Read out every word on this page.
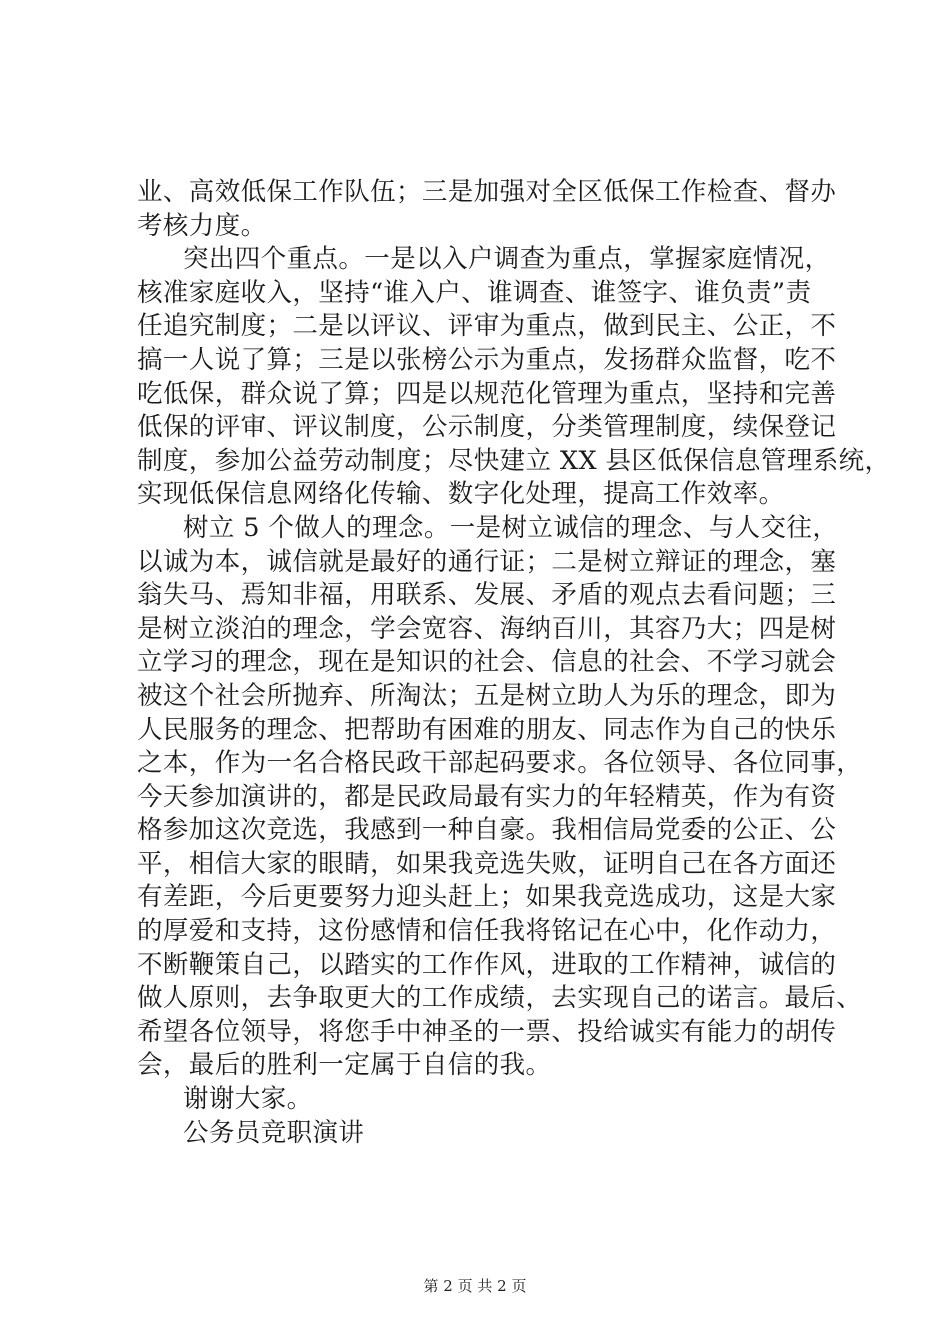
业、高效低保工作队伍；三是加强对全区低保工作检查、督办
考核力度。
突出四个重点。一是以入户调查为重点，掌握家庭情况，
核准家庭收入，坚持“谁入户、谁调查、谁签字、谁负责”责
任追究制度；二是以评议、评审为重点，做到民主、公正，不
搞一人说了算；三是以张榜公示为重点，发扬群众监督，吃不
吃低保，群众说了算；四是以规范化管理为重点，坚持和完善
低保的评审、评议制度，公示制度，分类管理制度，续保登记
制度，参加公益劳动制度；尽快建立 XX 县区低保信息管理系统，
实现低保信息网络化传输、数字化处理，提高工作效率。
树立 5 个做人的理念。一是树立诚信的理念、与人交往，
以诚为本，诚信就是最好的通行证；二是树立辩证的理念，塞
翁失马、焉知非福，用联系、发展、矛盾的观点去看问题；三
是树立淡泊的理念，学会宽容、海纳百川，其容乃大；四是树
立学习的理念，现在是知识的社会、信息的社会、不学习就会
被这个社会所抛弃、所淘汰；五是树立助人为乐的理念，即为
人民服务的理念、把帮助有困难的朋友、同志作为自己的快乐
之本，作为一名合格民政干部起码要求。各位领导、各位同事，
今天参加演讲的，都是民政局最有实力的年轻精英，作为有资
格参加这次竞选，我感到一种自豪。我相信局党委的公正、公
平，相信大家的眼睛，如果我竞选失败，证明自己在各方面还
有差距，今后更要努力迎头赶上；如果我竞选成功，这是大家
的厚爱和支持，这份感情和信任我将铭记在心中，化作动力，
不断鞭策自己，以踏实的工作作风，进取的工作精神，诚信的
做人原则，去争取更大的工作成绩，去实现自己的诺言。最后、
希望各位领导，将您手中神圣的一票、投给诚实有能力的胡传
会，最后的胜利一定属于自信的我。
谢谢大家。
公务员竞职演讲
第 2 页 共 2 页
